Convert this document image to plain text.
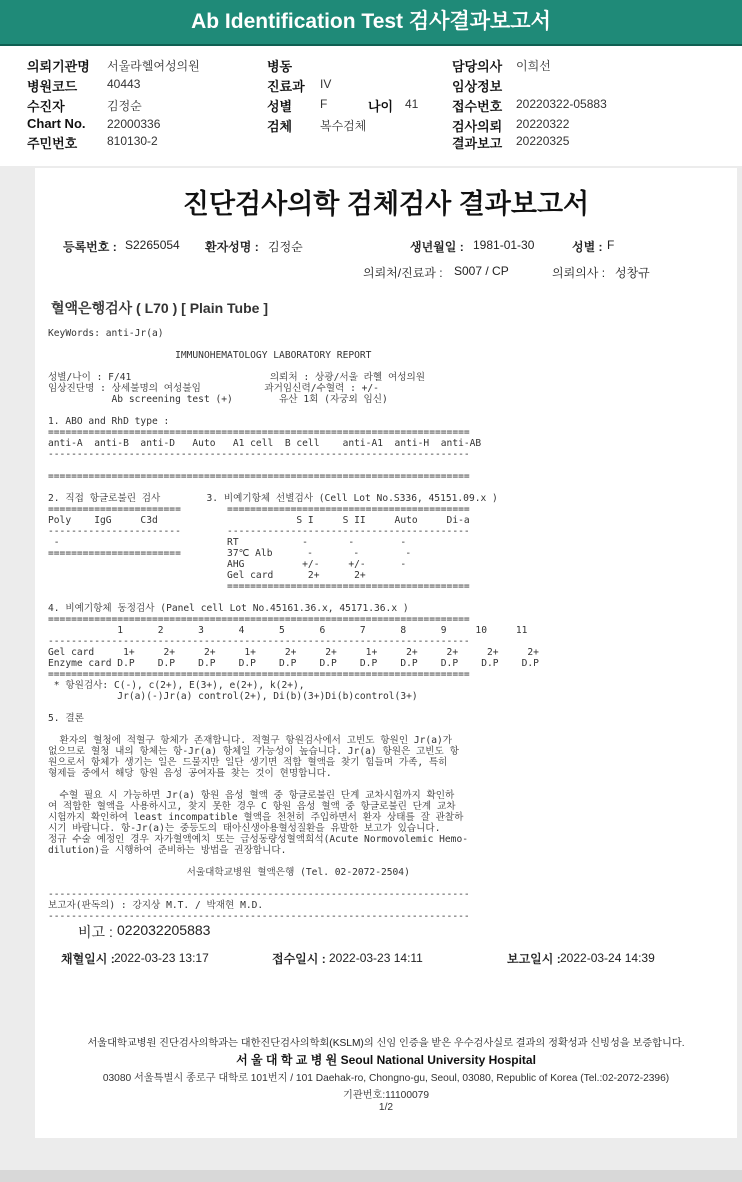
Ab Identification Test 검사결과보고서
의뢰기관명 서울라헬여성의원
병원코드 40443
수진자	김정순
Chart No. 22000336
주민번호 810130-2
병동
진료과 IV
성별 F	나이 41
검체 복수검체
담당의사 이희선
임상정보
접수번호 20220322-05883
검사의뢰 20220322
결과보고 20220325
진단검사의학 검체검사 결과보고서
등록번호 : S2265054 환자성명 : 김정순	생년월일 : 1981-01-30	성별 : F
의뢰처/진료과 : S007 / CP	의뢰의사 : 성창규
혈액은행검사 ( L70 ) [ Plain Tube ]
KeyWords: anti-Jr(a)

IMMUNOHEMATOLOGY LABORATORY REPORT

성별/나이 : F/41                        의뢰처 : 상광/서울 라헬 여성의원
임상진단명 : 상세불명의 여성불임           과거임신력/수혈력 : +/-
Ab screening test (+)        유산 1회 (자궁외 임신)

1. ABO and RhD type :
=========================================================================
anti-A  anti-B  anti-D   Auto   A1 cell  B cell    anti-A1  anti-H  anti-AB
-------------------------------------------------------------------------

=========================================================================

2. 직접 항글로불린 검사        3. 비예기항체 선별검사 (Cell Lot No.S336, 45151.09.x )
=======================        ==========================================
Poly    IgG     C3d                        S I     S II     Auto     Di-a
-----------------------        ------------------------------------------
-                             RT           -       -        -
=======================        37℃ Alb      -       -        -
AHG          +/-     +/-      -
Gel card      2+      2+
==========================================

4. 비예기항체 동정검사 (Panel cell Lot No.45161.36.x, 45171.36.x )
=========================================================================
1      2      3      4      5      6      7      8      9     10     11
-------------------------------------------------------------------------
Gel card     1+     2+     2+     1+     2+     2+     1+     2+     2+     2+     2+
Enzyme card D.P    D.P    D.P    D.P    D.P    D.P    D.P    D.P    D.P    D.P    D.P
=========================================================================
* 항원검사: C(-), c(2+), E(3+), e(2+), k(2+),
Jr(a)(-)Jr(a) control(2+), Di(b)(3+)Di(b)control(3+)

5. 결론

환자의 혈청에 적혈구 항체가 존재합니다. 적혈구 항원검사에서 고빈도 항원인 Jr(a)가
없으므로 혈청 내의 항체는 항-Jr(a) 항체일 가능성이 높습니다. Jr(a) 항원은 고빈도 항
원으로서 항체가 생기는 일은 드물지만 일단 생기면 적합 혈액을 찾기 힘들며 가족, 특히
형제들 중에서 해당 항원 음성 공여자를 찾는 것이 현명합니다.

수혈 필요 시 가능하면 Jr(a) 항원 음성 혈액 중 항글로불린 단계 교차시험까지 확인하
여 적합한 혈액을 사용하시고, 찾지 못한 경우 C 항원 음성 혈액 중 항글로불린 단계 교차
시험까지 확인하여 least incompatible 혈액을 천천히 주입하면서 환자 상태를 잘 관찰하
시기 바랍니다. 항-Jr(a)는 중등도의 태아신생아용혈성질환을 유발한 보고가 있습니다.
정규 수술 예정인 경우 자가혈액예치 또는 급성동량성혈액희석(Acute Normovolemic Hemo-
dilution)을 시행하여 준비하는 방법을 권장합니다.

서울대학교병원 혈액은행 (Tel. 02-2072-2504)

-------------------------------------------------------------------------
보고자(판독의) : 강지상 M.T. / 박재현 M.D.
-------------------------------------------------------------------------
비고 : 022032205883
채혈일시 : 2022-03-23 13:17	접수일시 : 2022-03-23 14:11	보고일시 : 2022-03-24 14:39
서울대학교병원 진단검사의학과는 대한진단검사의학회(KSLM)의 신임 인증을 받은 우수검사실로 결과의 정확성과 신빙성을 보증합니다.
서 울 대 학 교 병 원 Seoul National University Hospital
03080 서울특별시 종로구 대학로 101번지 / 101 Daehak-ro, Chongno-gu, Seoul, 03080, Republic of Korea (Tel.:02-2072-2396)
기관번호:11100079
1/2
